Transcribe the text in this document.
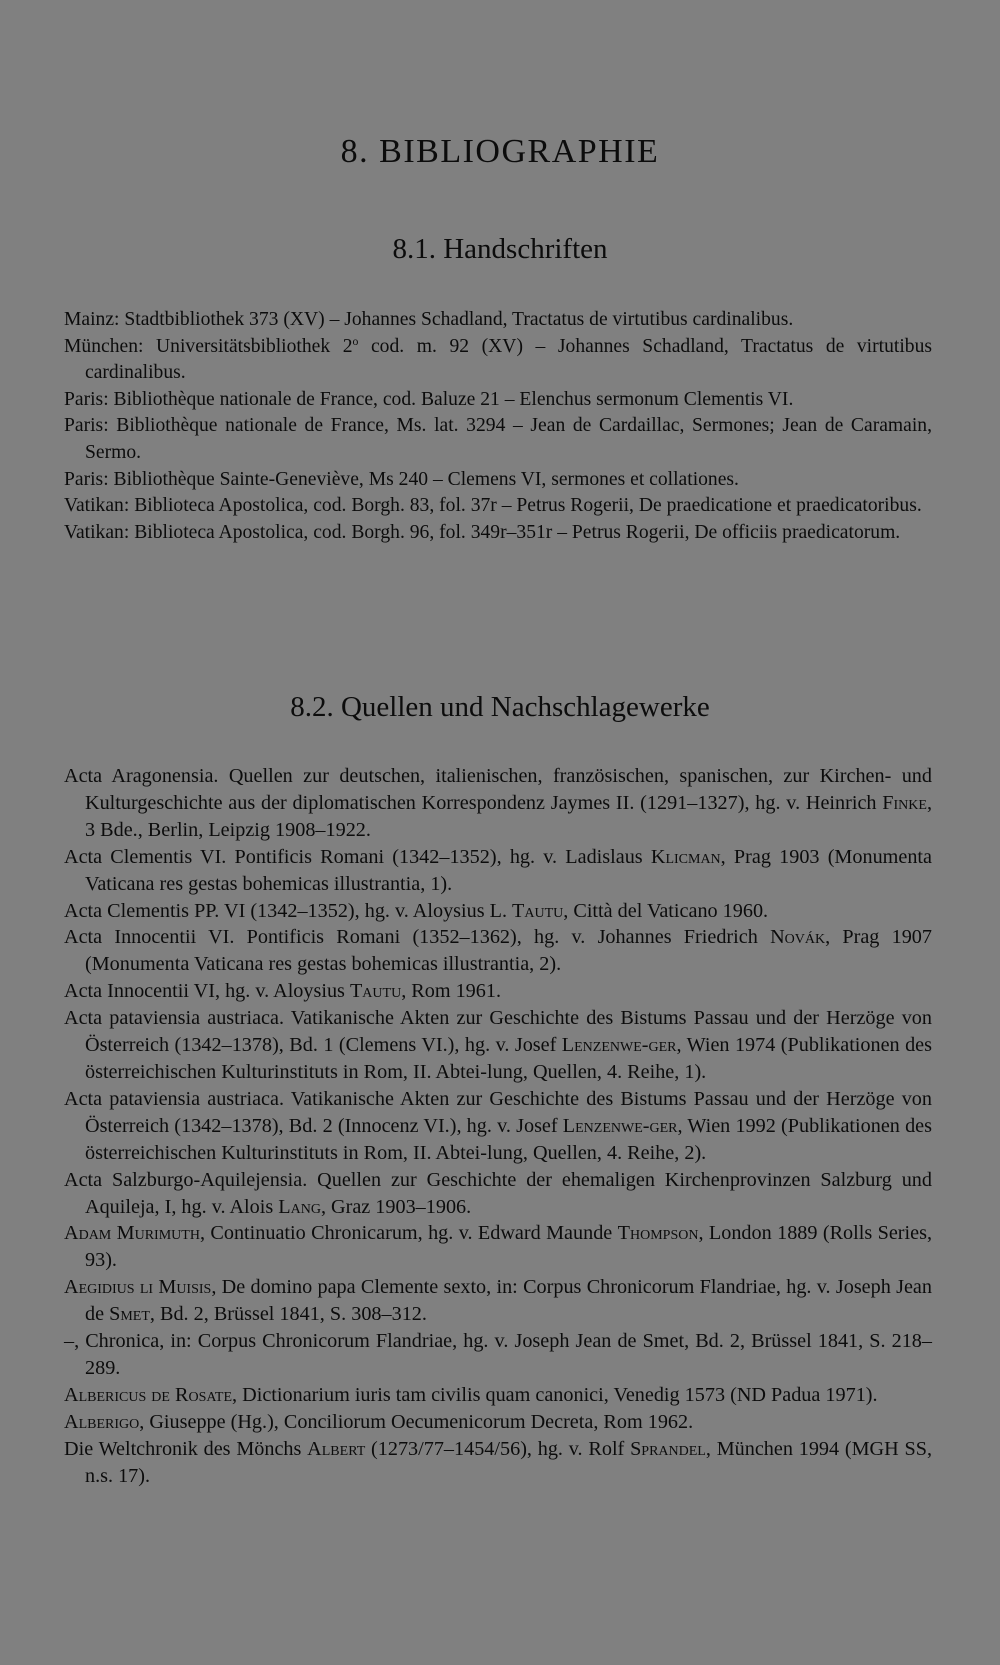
8. BIBLIOGRAPHIE
8.1. Handschriften
Mainz: Stadtbibliothek 373 (XV) – Johannes Schadland, Tractatus de virtutibus cardinalibus.
München: Universitätsbibliothek 2$^o$ cod. m. 92 (XV) – Johannes Schadland, Tractatus de virtutibus cardinalibus.
Paris: Bibliothèque nationale de France, cod. Baluze 21 – Elenchus sermonum Clementis VI.
Paris: Bibliothèque nationale de France, Ms. lat. 3294 – Jean de Cardaillac, Sermones; Jean de Caramain, Sermo.
Paris: Bibliothèque Sainte-Geneviève, Ms 240 – Clemens VI, sermones et collationes.
Vatikan: Biblioteca Apostolica, cod. Borgh. 83, fol. 37r – Petrus Rogerii, De praedicatione et praedicatoribus.
Vatikan: Biblioteca Apostolica, cod. Borgh. 96, fol. 349r–351r – Petrus Rogerii, De officiis praedicatorum.
8.2. Quellen und Nachschlagewerke
Acta Aragonensia. Quellen zur deutschen, italienischen, französischen, spanischen, zur Kirchen- und Kulturgeschichte aus der diplomatischen Korrespondenz Jaymes II. (1291–1327), hg. v. Heinrich Finke, 3 Bde., Berlin, Leipzig 1908–1922.
Acta Clementis VI. Pontificis Romani (1342–1352), hg. v. Ladislaus Klicman, Prag 1903 (Monumenta Vaticana res gestas bohemicas illustrantia, 1).
Acta Clementis PP. VI (1342–1352), hg. v. Aloysius L. Tautu, Città del Vaticano 1960.
Acta Innocentii VI. Pontificis Romani (1352–1362), hg. v. Johannes Friedrich Novák, Prag 1907 (Monumenta Vaticana res gestas bohemicas illustrantia, 2).
Acta Innocentii VI, hg. v. Aloysius Tautu, Rom 1961.
Acta pataviensia austriaca. Vatikanische Akten zur Geschichte des Bistums Passau und der Herzöge von Österreich (1342–1378), Bd. 1 (Clemens VI.), hg. v. Josef Lenzenwe-ger, Wien 1974 (Publikationen des österreichischen Kulturinstituts in Rom, II. Abtei-lung, Quellen, 4. Reihe, 1).
Acta pataviensia austriaca. Vatikanische Akten zur Geschichte des Bistums Passau und der Herzöge von Österreich (1342–1378), Bd. 2 (Innocenz VI.), hg. v. Josef Lenzenwe-ger, Wien 1992 (Publikationen des österreichischen Kulturinstituts in Rom, II. Abtei-lung, Quellen, 4. Reihe, 2).
Acta Salzburgo-Aquilejensia. Quellen zur Geschichte der ehemaligen Kirchenprovinzen Salzburg und Aquileja, I, hg. v. Alois Lang, Graz 1903–1906.
Adam Murimuth, Continuatio Chronicarum, hg. v. Edward Maunde Thompson, London 1889 (Rolls Series, 93).
Aegidius li Muisis, De domino papa Clemente sexto, in: Corpus Chronicorum Flandriae, hg. v. Joseph Jean de Smet, Bd. 2, Brüssel 1841, S. 308–312.
–, Chronica, in: Corpus Chronicorum Flandriae, hg. v. Joseph Jean de Smet, Bd. 2, Brüssel 1841, S. 218–289.
Albericus de Rosate, Dictionarium iuris tam civilis quam canonici, Venedig 1573 (ND Padua 1971).
Alberigo, Giuseppe (Hg.), Conciliorum Oecumenicorum Decreta, Rom 1962.
Die Weltchronik des Mönchs Albert (1273/77–1454/56), hg. v. Rolf Sprandel, München 1994 (MGH SS, n.s. 17).
